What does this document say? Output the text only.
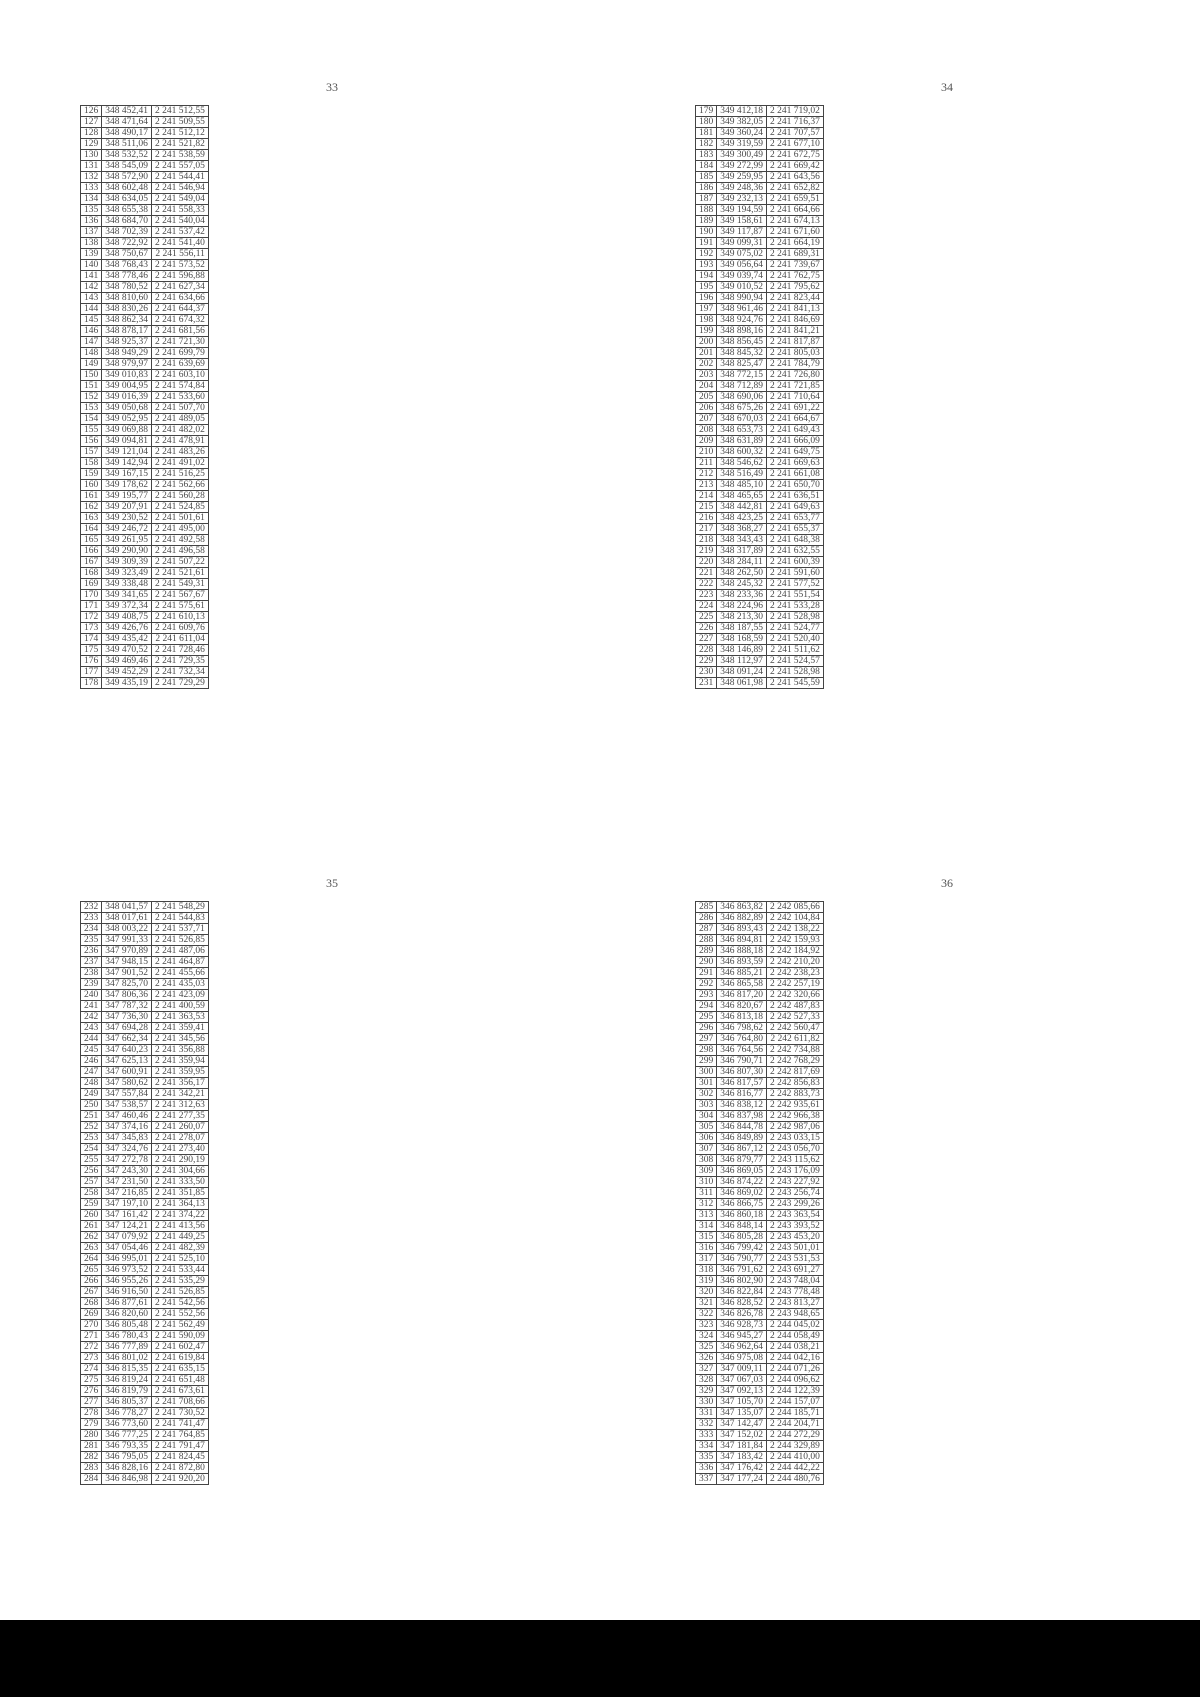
33
126	348 452,41	2 241 512,55
127	348 471,64	2 241 509,55
128	348 490,17	2 241 512,12
129	348 511,06	2 241 521,82
130	348 532,52	2 241 538,59
131	348 545,09	2 241 557,05
132	348 572,90	2 241 544,41
133	348 602,48	2 241 546,94
134	348 634,05	2 241 549,04
135	348 655,38	2 241 558,33
136	348 684,70	2 241 540,04
137	348 702,39	2 241 537,42
138	348 722,92	2 241 541,40
139	348 750,67	2 241 556,11
140	348 768,43	2 241 573,52
141	348 778,46	2 241 596,88
142	348 780,52	2 241 627,34
143	348 810,60	2 241 634,66
144	348 830,26	2 241 644,37
145	348 862,34	2 241 674,32
146	348 878,17	2 241 681,56
147	348 925,37	2 241 721,30
148	348 949,29	2 241 699,79
149	348 979,97	2 241 639,69
150	349 010,83	2 241 603,10
151	349 004,95	2 241 574,84
152	349 016,39	2 241 533,60
153	349 050,68	2 241 507,70
154	349 052,95	2 241 489,05
155	349 069,88	2 241 482,02
156	349 094,81	2 241 478,91
157	349 121,04	2 241 483,26
158	349 142,94	2 241 491,02
159	349 167,15	2 241 516,25
160	349 178,62	2 241 562,66
161	349 195,77	2 241 560,28
162	349 207,91	2 241 524,85
163	349 230,52	2 241 501,61
164	349 246,72	2 241 495,00
165	349 261,95	2 241 492,58
166	349 290,90	2 241 496,58
167	349 309,39	2 241 507,22
168	349 323,49	2 241 521,61
169	349 338,48	2 241 549,31
170	349 341,65	2 241 567,67
171	349 372,34	2 241 575,61
172	349 408,75	2 241 610,13
173	349 426,76	2 241 609,76
174	349 435,42	2 241 611,04
175	349 470,52	2 241 728,46
176	349 469,46	2 241 729,35
177	349 452,29	2 241 732,34
178	349 435,19	2 241 729,29
34
179	349 412,18	2 241 719,02
180	349 382,05	2 241 716,37
181	349 360,24	2 241 707,57
182	349 319,59	2 241 677,10
183	349 300,49	2 241 672,75
184	349 272,99	2 241 669,42
185	349 259,95	2 241 643,56
186	349 248,36	2 241 652,82
187	349 232,13	2 241 659,51
188	349 194,59	2 241 664,66
189	349 158,61	2 241 674,13
190	349 117,87	2 241 671,60
191	349 099,31	2 241 664,19
192	349 075,02	2 241 689,31
193	349 056,64	2 241 739,67
194	349 039,74	2 241 762,75
195	349 010,52	2 241 795,62
196	348 990,94	2 241 823,44
197	348 961,46	2 241 841,13
198	348 924,76	2 241 846,69
199	348 898,16	2 241 841,21
200	348 856,45	2 241 817,87
201	348 845,32	2 241 805,03
202	348 825,47	2 241 784,79
203	348 772,15	2 241 726,80
204	348 712,89	2 241 721,85
205	348 690,06	2 241 710,64
206	348 675,26	2 241 691,22
207	348 670,03	2 241 664,67
208	348 653,73	2 241 649,43
209	348 631,89	2 241 666,09
210	348 600,32	2 241 649,75
211	348 546,62	2 241 669,63
212	348 516,49	2 241 661,08
213	348 485,10	2 241 650,70
214	348 465,65	2 241 636,51
215	348 442,81	2 241 649,63
216	348 423,25	2 241 653,77
217	348 368,27	2 241 655,37
218	348 343,43	2 241 648,38
219	348 317,89	2 241 632,55
220	348 284,11	2 241 600,39
221	348 262,50	2 241 591,60
222	348 245,32	2 241 577,52
223	348 233,36	2 241 551,54
224	348 224,96	2 241 533,28
225	348 213,30	2 241 528,98
226	348 187,55	2 241 524,77
227	348 168,59	2 241 520,40
228	348 146,89	2 241 511,62
229	348 112,97	2 241 524,57
230	348 091,24	2 241 528,98
231	348 061,98	2 241 545,59
35
232	348 041,57	2 241 548,29
233	348 017,61	2 241 544,83
234	348 003,22	2 241 537,71
235	347 991,33	2 241 526,85
236	347 970,89	2 241 487,06
237	347 948,15	2 241 464,87
238	347 901,52	2 241 455,66
239	347 825,70	2 241 435,03
240	347 806,36	2 241 423,09
241	347 787,32	2 241 400,59
242	347 736,30	2 241 363,53
243	347 694,28	2 241 359,41
244	347 662,34	2 241 345,56
245	347 640,23	2 241 356,88
246	347 625,13	2 241 359,94
247	347 600,91	2 241 359,95
248	347 580,62	2 241 356,17
249	347 557,84	2 241 342,21
250	347 538,57	2 241 312,63
251	347 460,46	2 241 277,35
252	347 374,16	2 241 260,07
253	347 345,83	2 241 278,07
254	347 324,76	2 241 273,40
255	347 272,78	2 241 290,19
256	347 243,30	2 241 304,66
257	347 231,50	2 241 333,50
258	347 216,85	2 241 351,85
259	347 197,10	2 241 364,13
260	347 161,42	2 241 374,22
261	347 124,21	2 241 413,56
262	347 079,92	2 241 449,25
263	347 054,46	2 241 482,39
264	346 995,01	2 241 525,10
265	346 973,52	2 241 533,44
266	346 955,26	2 241 535,29
267	346 916,50	2 241 526,85
268	346 877,61	2 241 542,56
269	346 820,60	2 241 552,56
270	346 805,48	2 241 562,49
271	346 780,43	2 241 590,09
272	346 777,89	2 241 602,47
273	346 801,02	2 241 619,84
274	346 815,35	2 241 635,15
275	346 819,24	2 241 651,48
276	346 819,79	2 241 673,61
277	346 805,37	2 241 708,66
278	346 778,27	2 241 730,52
279	346 773,60	2 241 741,47
280	346 777,25	2 241 764,85
281	346 793,35	2 241 791,47
282	346 795,05	2 241 824,45
283	346 828,16	2 241 872,80
284	346 846,98	2 241 920,20
36
285	346 863,82	2 242 085,66
286	346 882,89	2 242 104,84
287	346 893,43	2 242 138,22
288	346 894,81	2 242 159,93
289	346 888,18	2 242 184,92
290	346 893,59	2 242 210,20
291	346 885,21	2 242 238,23
292	346 865,58	2 242 257,19
293	346 817,20	2 242 320,66
294	346 820,67	2 242 487,83
295	346 813,18	2 242 527,33
296	346 798,62	2 242 560,47
297	346 764,80	2 242 611,82
298	346 764,56	2 242 734,88
299	346 790,71	2 242 768,29
300	346 807,30	2 242 817,69
301	346 817,57	2 242 856,83
302	346 816,77	2 242 883,73
303	346 838,12	2 242 935,61
304	346 837,98	2 242 966,38
305	346 844,78	2 242 987,06
306	346 849,89	2 243 033,15
307	346 867,12	2 243 056,70
308	346 879,77	2 243 115,62
309	346 869,05	2 243 176,09
310	346 874,22	2 243 227,92
311	346 869,02	2 243 256,74
312	346 866,75	2 243 299,26
313	346 860,18	2 243 363,54
314	346 848,14	2 243 393,52
315	346 805,28	2 243 453,20
316	346 799,42	2 243 501,01
317	346 790,77	2 243 531,53
318	346 791,62	2 243 691,27
319	346 802,90	2 243 748,04
320	346 822,84	2 243 778,48
321	346 828,52	2 243 813,27
322	346 826,78	2 243 948,65
323	346 928,73	2 244 045,02
324	346 945,27	2 244 058,49
325	346 962,64	2 244 038,21
326	346 975,08	2 244 042,16
327	347 009,11	2 244 071,26
328	347 067,03	2 244 096,62
329	347 092,13	2 244 122,39
330	347 105,70	2 244 157,07
331	347 135,07	2 244 185,71
332	347 142,47	2 244 204,71
333	347 152,02	2 244 272,29
334	347 181,84	2 244 329,89
335	347 183,42	2 244 410,00
336	347 176,42	2 244 442,22
337	347 177,24	2 244 480,76
